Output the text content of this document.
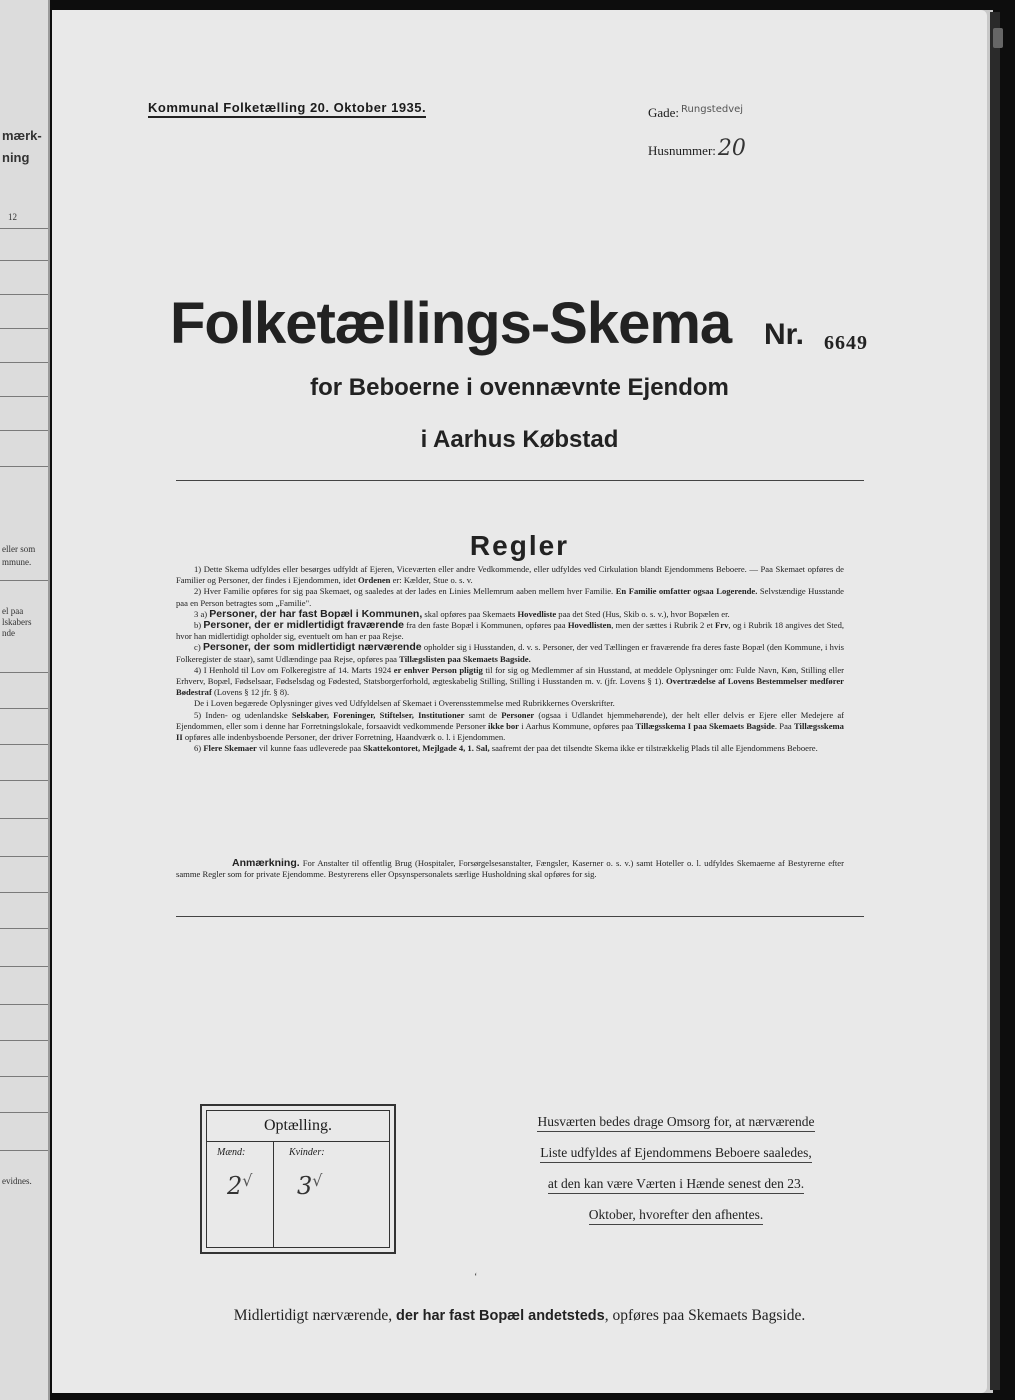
mærk-
ning
12
eller som
mmune.
el paa
lskabers
nde
evidnes.
Kommunal Folketælling 20. Oktober 1935.	Gade: $^{Rungstedvej}$
Husnummer:20
Folketællings-Skema Nr. 6649
for Beboerne i ovennævnte Ejendom
i Aarhus Købstad
Regler

1) Dette Skema udfyldes eller besørges udfyldt af Ejeren, Viceværten eller andre Vedkommende, eller udfyldes ved Cirkulation blandt Ejendommens Beboere. — Paa Skemaet opføres de Familier og Personer, der findes i Ejendommen, idet Ordenen er: Kælder, Stue o. s. v.

2) Hver Familie opføres for sig paa Skemaet, og saaledes at der lades en Linies Mellemrum aaben mellem hver Familie. En Familie omfatter ogsaa Logerende. Selvstændige Husstande paa en Person betragtes som „Familie".

3 a) Personer, der har fast Bopæl i Kommunen, skal opføres paa Skemaets Hovedliste paa det Sted (Hus, Skib o. s. v.), hvor Bopælen er.

b) Personer, der er midlertidigt fraværende fra den faste Bopæl i Kommunen, opføres paa Hovedlisten, men der sættes i Rubrik 2 et Frv, og i Rubrik 18 angives det Sted, hvor han midlertidigt opholder sig, eventuelt om han er paa Rejse.

c) Personer, der som midlertidigt nærværende opholder sig i Husstanden, d. v. s. Personer, der ved Tællingen er fraværende fra deres faste Bopæl (den Kommune, i hvis Folkeregister de staar), samt Udlændinge paa Rejse, opføres paa Tillægslisten paa Skemaets Bagside.

4) I Henhold til Lov om Folkeregistre af 14. Marts 1924 er enhver Person pligtig til for sig og Medlemmer af sin Husstand, at meddele Oplysninger om: Fulde Navn, Køn, Stilling eller Erhverv, Bopæl, Fødselsaar, Fødselsdag og Fødested, Statsborgerforhold, ægteskabelig Stilling, Stilling i Husstanden m. v. (jfr. Lovens § 1). Overtrædelse af Lovens Bestemmelser medfører Bødestraf (Lovens § 12 jfr. § 8).

De i Loven begærede Oplysninger gives ved Udfyldelsen af Skemaet i Overensstemmelse med Rubrikkernes Overskrifter.

5) Inden- og udenlandske Selskaber, Foreninger, Stiftelser, Institutioner samt de Personer (ogsaa i Udlandet hjemmehørende), der helt eller delvis er Ejere eller Medejere af Ejendommen, eller som i denne har Forretningslokale, forsaavidt vedkommende Personer ikke bor i Aarhus Kommune, opføres paa Tillægsskema I paa Skemaets Bagside. Paa Tillægsskema II opføres alle indenbysboende Personer, der driver Forretning, Haandværk o. l. i Ejendommen.

6) Flere Skemaer vil kunne faas udleverede paa Skattekontoret, Mejlgade 4, 1. Sal, saafremt der paa det tilsendte Skema ikke er tilstrækkelig Plads til alle Ejendommens Beboere.

Anmærkning. For Anstalter til offentlig Brug (Hospitaler, Forsørgelsesanstalter, Fængsler, Kaserner o. s. v.) samt Hoteller o. l. udfyldes Skemaerne af Bestyrerne efter samme Regler som for private Ejendomme. Bestyrerens eller Opsynspersonalets særlige Husholdning skal opføres for sig.
Optælling.
Mænd:	Kvinder:
2√ 3√
Husværten bedes drage Omsorg for, at nærværende
Liste udfyldes af Ejendommens Beboere saaledes,
at den kan være Værten i Hænde senest den 23.
Oktober, hvorefter den afhentes.
‘
Midlertidigt nærværende, der har fast Bopæl andetsteds, opføres paa Skemaets Bagside.
